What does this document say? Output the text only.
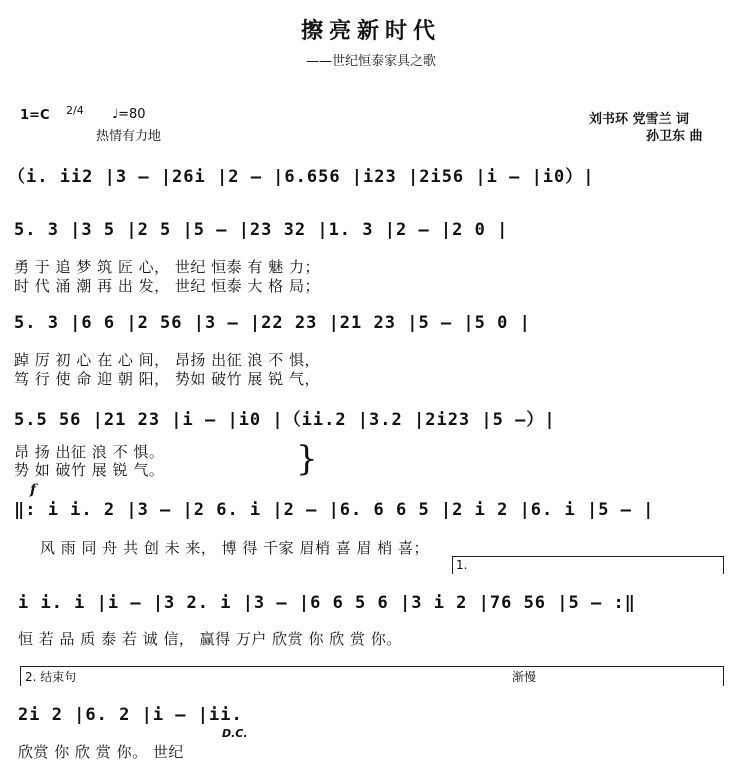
擦亮新时代
——世纪恒泰家具之歌
1=C 2/4 ♩=80
热情有力地
刘书环 党雪兰 词
孙卫东 曲
（i. ii2 |3 – |26i |2 – |6.656 |i23 |2i56 |i – |i0）|
5. 3 |3 5 |2 5 |5 – |23 32 |1. 3 |2 – |2 0 |
勇 于 追 梦 筑 匠 心， 世纪 恒泰 有 魅 力；
时 代 涌 潮 再 出 发， 世纪 恒泰 大 格 局；
5. 3 |6 6 |2 56 |3 – |22 23 |21 23 |5 – |5 0 |
踔 厉 初 心 在 心 间， 昂扬 出征 浪 不 惧，
笃 行 使 命 迎 朝 阳， 势如 破竹 展 锐 气，
5.5 56 |21 23 |i – |i0 |（ii.2 |3.2 |2i23 |5 –）|
昂 扬 出征 浪 不 惧。
势 如 破竹 展 锐 气。	}
f
‖: i i. 2 |3 – |2 6. i |2 – |6. 6 6 5 |2 i 2 |6. i |5 – |
风 雨 同 舟 共 创 未 来， 博 得 千家 眉梢 喜 眉 梢 喜；
1.
i i. i |i – |3 2. i |3 – |6 6 5 6 |3 i 2 |76 56 |5 – :‖
恒 若 品 质 泰 若 诚 信， 赢得 万户 欣赏 你 欣 赏 你。
2. 结束句	渐慢
2i 2 |6. 2 |i – |ii.
D.C.
欣赏 你 欣 赏 你。 世纪
